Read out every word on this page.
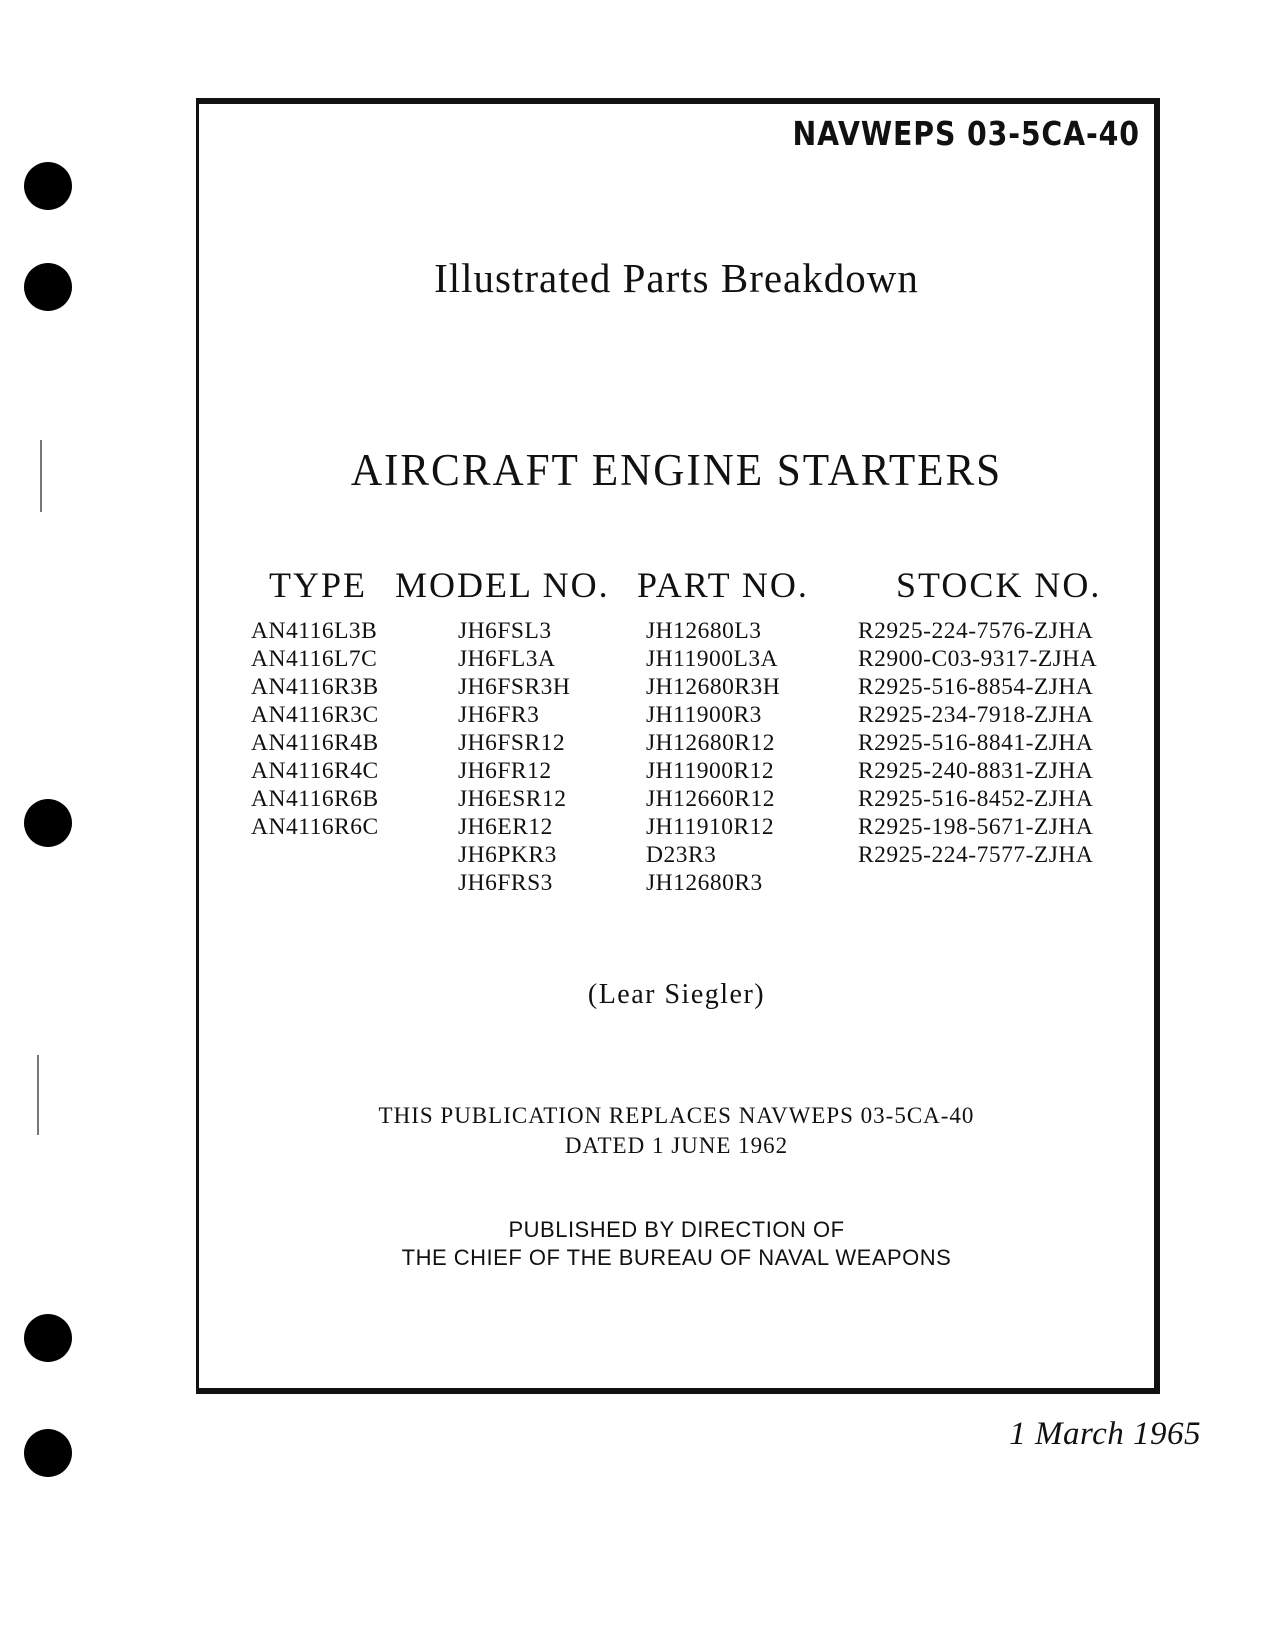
NAVWEPS 03-5CA-40
Illustrated Parts Breakdown
AIRCRAFT ENGINE STARTERS
TYPE MODEL NO. PART NO. STOCK NO.
AN4116L3B
AN4116L7C
AN4116R3B
AN4116R3C
AN4116R4B
AN4116R4C
AN4116R6B
AN4116R6C
JH6FSL3
JH6FL3A
JH6FSR3H
JH6FR3
JH6FSR12
JH6FR12
JH6ESR12
JH6ER12
JH6PKR3
JH6FRS3
JH12680L3
JH11900L3A
JH12680R3H
JH11900R3
JH12680R12
JH11900R12
JH12660R12
JH11910R12
D23R3
JH12680R3
R2925-224-7576-ZJHA
R2900-C03-9317-ZJHA
R2925-516-8854-ZJHA
R2925-234-7918-ZJHA
R2925-516-8841-ZJHA
R2925-240-8831-ZJHA
R2925-516-8452-ZJHA
R2925-198-5671-ZJHA
R2925-224-7577-ZJHA
(Lear Siegler)
THIS PUBLICATION REPLACES NAVWEPS 03-5CA-40
DATED 1 JUNE 1962
PUBLISHED BY DIRECTION OF
THE CHIEF OF THE BUREAU OF NAVAL WEAPONS
1 March 1965
